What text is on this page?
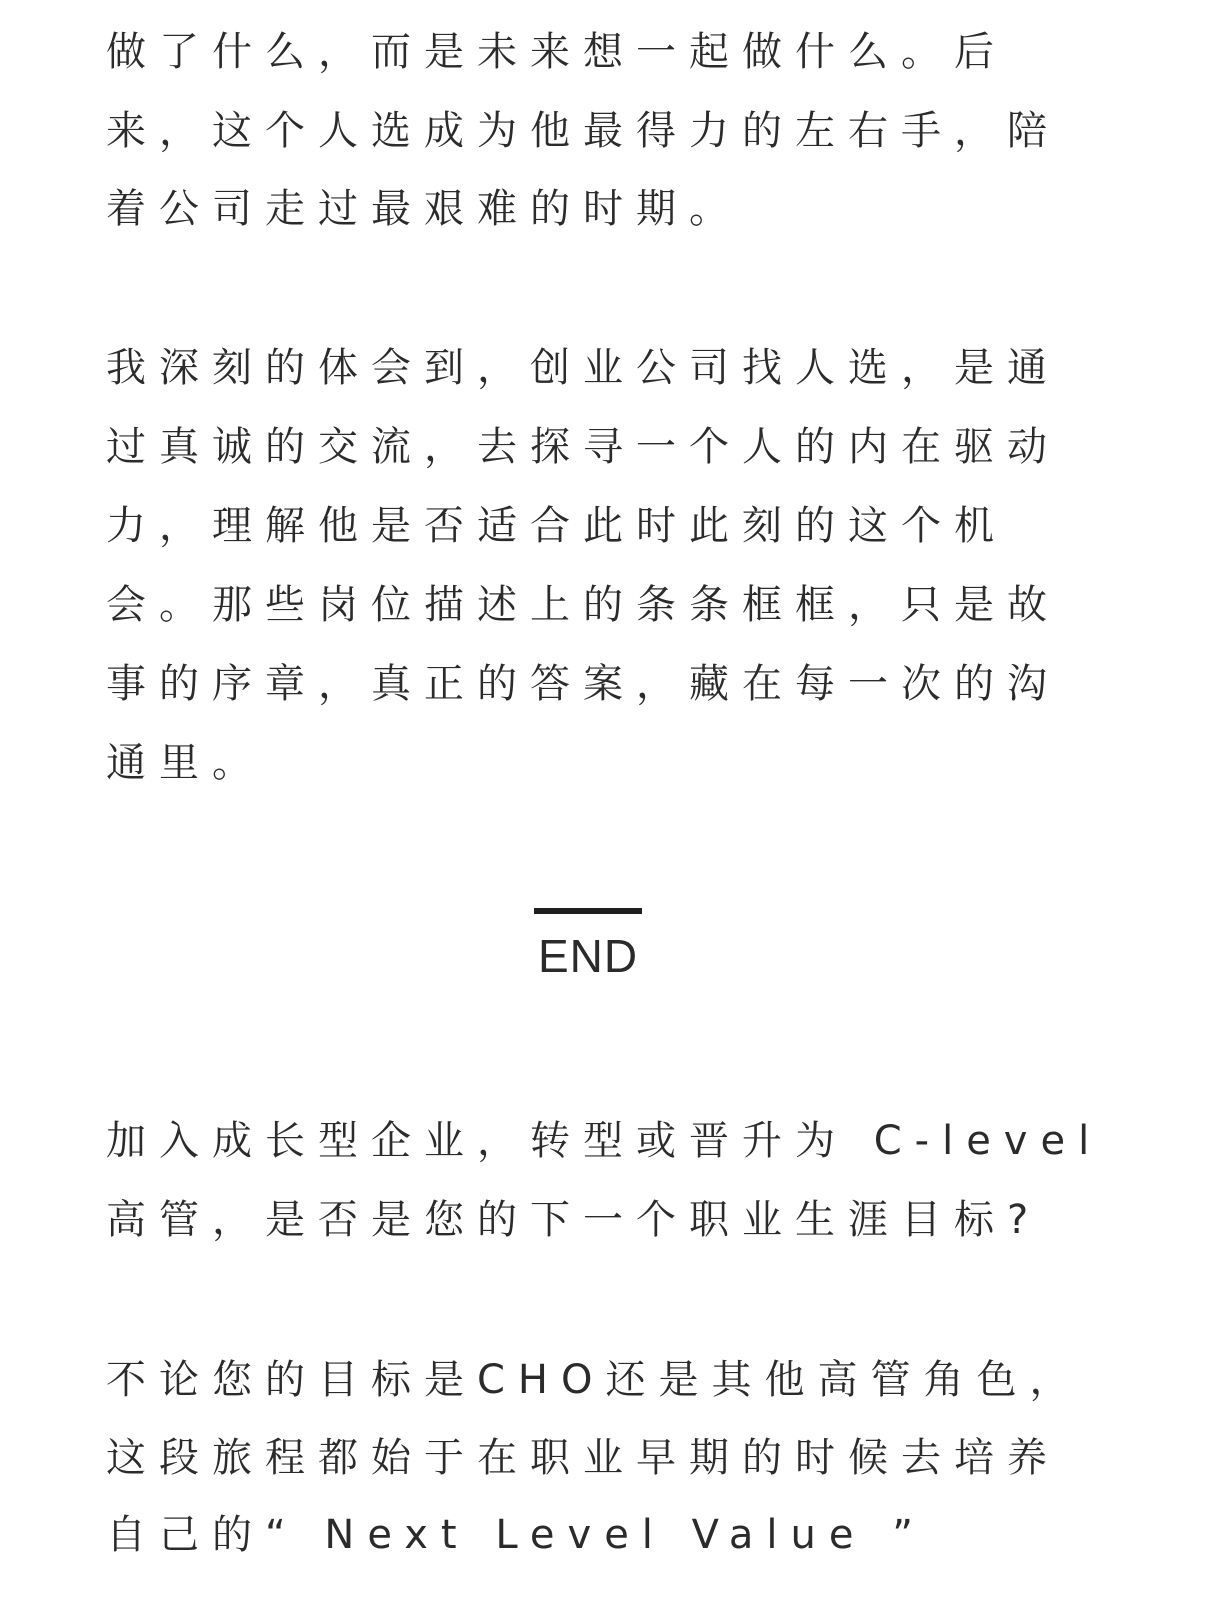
做了什么，而是未来想一起做什么。后
来，这个人选成为他最得力的左右手，陪
着公司走过最艰难的时期。
我深刻的体会到，创业公司找人选，是通
过真诚的交流，去探寻一个人的内在驱动
力，理解他是否适合此时此刻的这个机
会。那些岗位描述上的条条框框，只是故
事的序章，真正的答案，藏在每一次的沟
通里。
END
加入成长型企业，转型或晋升为 C-level
高管，是否是您的下一个职业生涯目标?
不论您的目标是CHO还是其他高管角色，
这段旅程都始于在职业早期的时候去培养
自己的“ Next Level Value ”
